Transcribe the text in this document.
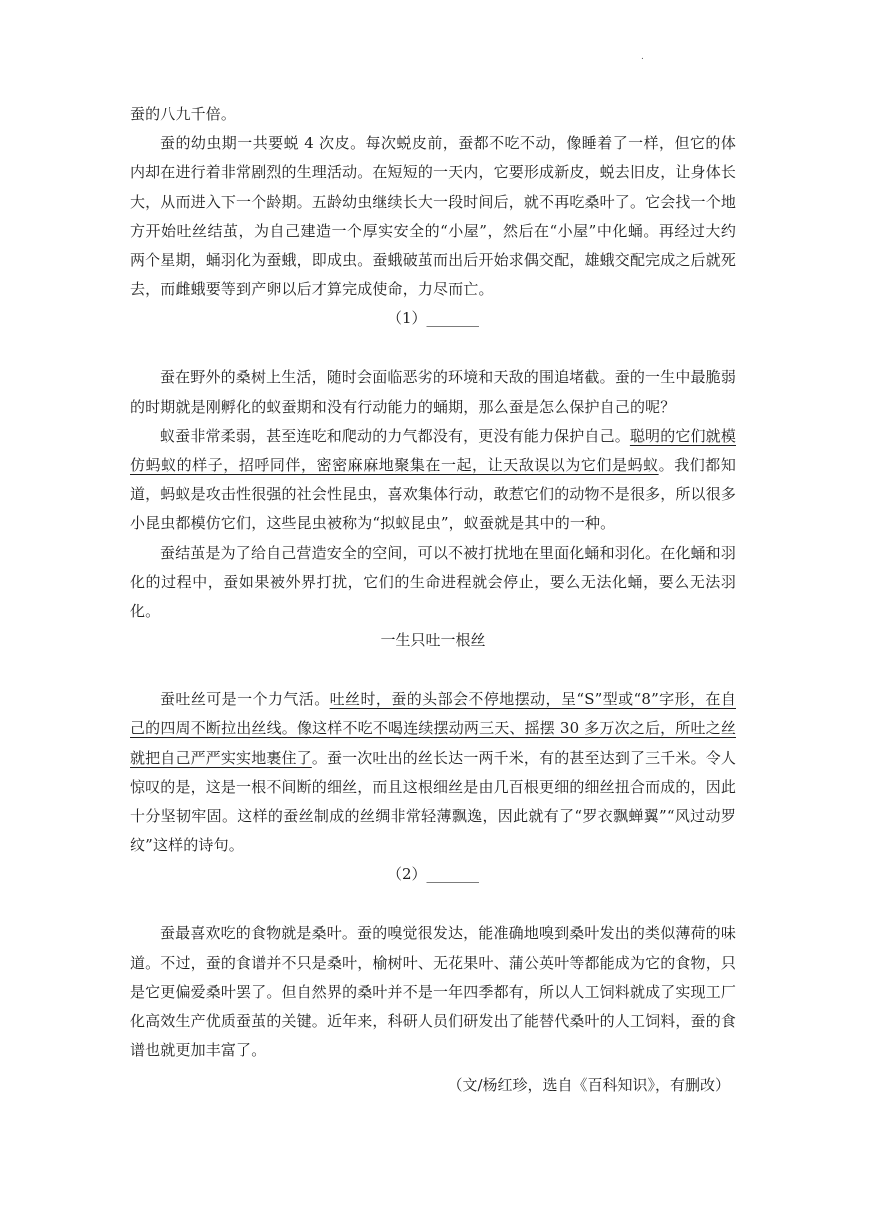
.

蚕的八九千倍。

蚕的幼虫期一共要蜕 4 次皮。每次蜕皮前，蚕都不吃不动，像睡着了一样，但它的体内却在进行着非常剧烈的生理活动。在短短的一天内，它要形成新皮，蜕去旧皮，让身体长大，从而进入下一个龄期。五龄幼虫继续长大一段时间后，就不再吃桑叶了。它会找一个地方开始吐丝结茧，为自己建造一个厚实安全的“小屋”，然后在“小屋”中化蛹。再经过大约两个星期，蛹羽化为蚕蛾，即成虫。蚕蛾破茧而出后开始求偶交配，雄蛾交配完成之后就死去，而雌蛾要等到产卵以后才算完成使命，力尽而亡。

（1）_______

蚕在野外的桑树上生活，随时会面临恶劣的环境和天敌的围追堵截。蚕的一生中最脆弱的时期就是刚孵化的蚁蚕期和没有行动能力的蛹期，那么蚕是怎么保护自己的呢？

蚁蚕非常柔弱，甚至连吃和爬动的力气都没有，更没有能力保护自己。聪明的它们就模仿蚂蚁的样子，招呼同伴，密密麻麻地聚集在一起，让天敌误以为它们是蚂蚁。我们都知道，蚂蚁是攻击性很强的社会性昆虫，喜欢集体行动，敢惹它们的动物不是很多，所以很多小昆虫都模仿它们，这些昆虫被称为“拟蚁昆虫”，蚁蚕就是其中的一种。

蚕结茧是为了给自己营造安全的空间，可以不被打扰地在里面化蛹和羽化。在化蛹和羽化的过程中，蚕如果被外界打扰，它们的生命进程就会停止，要么无法化蛹，要么无法羽化。

一生只吐一根丝

蚕吐丝可是一个力气活。吐丝时，蚕的头部会不停地摆动，呈“S”型或“8”字形，在自己的四周不断拉出丝线。像这样不吃不喝连续摆动两三天、摇摆 30 多万次之后，所吐之丝就把自己严严实实地裹住了。蚕一次吐出的丝长达一两千米，有的甚至达到了三千米。令人惊叹的是，这是一根不间断的细丝，而且这根细丝是由几百根更细的细丝扭合而成的，因此十分坚韧牢固。这样的蚕丝制成的丝绸非常轻薄飘逸，因此就有了“罗衣飘蝉翼”“风过动罗纹”这样的诗句。

（2）_______

蚕最喜欢吃的食物就是桑叶。蚕的嗅觉很发达，能准确地嗅到桑叶发出的类似薄荷的味道。不过，蚕的食谱并不只是桑叶，榆树叶、无花果叶、蒲公英叶等都能成为它的食物，只是它更偏爱桑叶罢了。但自然界的桑叶并不是一年四季都有，所以人工饲料就成了实现工厂化高效生产优质蚕茧的关键。近年来，科研人员们研发出了能替代桑叶的人工饲料，蚕的食谱也就更加丰富了。

（文/杨红珍，选自《百科知识》，有删改）
